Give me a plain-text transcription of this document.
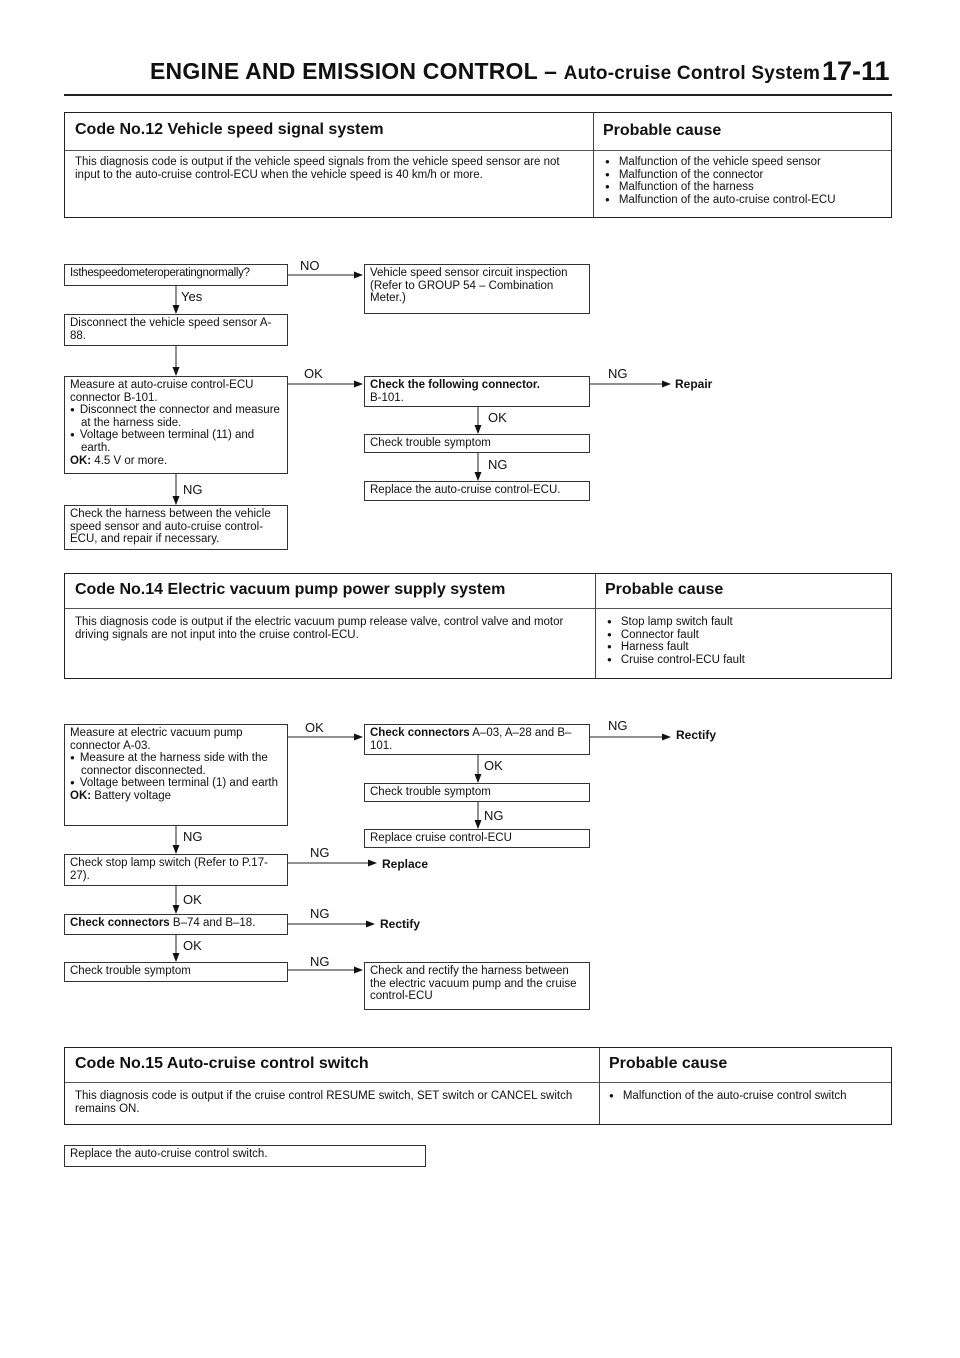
ENGINE AND EMISSION CONTROL – Auto-cruise Control System 17-11
Code No.12 Vehicle speed signal system	Probable cause
This diagnosis code is output if the vehicle speed signals from the vehicle speed sensor are not input to the auto-cruise control-ECU when the vehicle speed is 40 km/h or more.
● Malfunction of the vehicle speed sensor
● Malfunction of the connector
● Malfunction of the harness
● Malfunction of the auto-cruise control-ECU
Isthespeedometeroperatingnormally?	NO
Yes
Vehicle speed sensor circuit inspection (Refer to GROUP 54 – Combination Meter.)
Disconnect the vehicle speed sensor A-88.
Measure at auto-cruise control-ECU connector B-101.
● Disconnect the connector and measure at the harness side.
● Voltage between terminal (11) and earth.
OK: 4.5 V or more.
OK
NG
Check the following connector.
B-101.
NG
Repair
OK
Check trouble symptom
NG
Replace the auto-cruise control-ECU.
Check the harness between the vehicle speed sensor and auto-cruise control-ECU, and repair if necessary.
Code No.14 Electric vacuum pump power supply system	Probable cause
This diagnosis code is output if the electric vacuum pump release valve, control valve and motor driving signals are not input into the cruise control-ECU.
● Stop lamp switch fault
● Connector fault
● Harness fault
● Cruise control-ECU fault
Measure at electric vacuum pump connector A-03.
● Measure at the harness side with the connector disconnected.
● Voltage between terminal (1) and earth
OK: Battery voltage
OK
NG
Check connectors A–03, A–28 and B–101.
NG
Rectify
OK
Check trouble symptom
NG
Replace cruise control-ECU
Check stop lamp switch (Refer to P.17-27).
NG
Replace
OK
Check connectors B–74 and B–18.
NG
Rectify
OK
Check trouble symptom
NG
Check and rectify the harness between the electric vacuum pump and the cruise control-ECU
Code No.15 Auto-cruise control switch	Probable cause
This diagnosis code is output if the cruise control RESUME switch, SET switch or CANCEL switch remains ON.
● Malfunction of the auto-cruise control switch
Replace the auto-cruise control switch.
